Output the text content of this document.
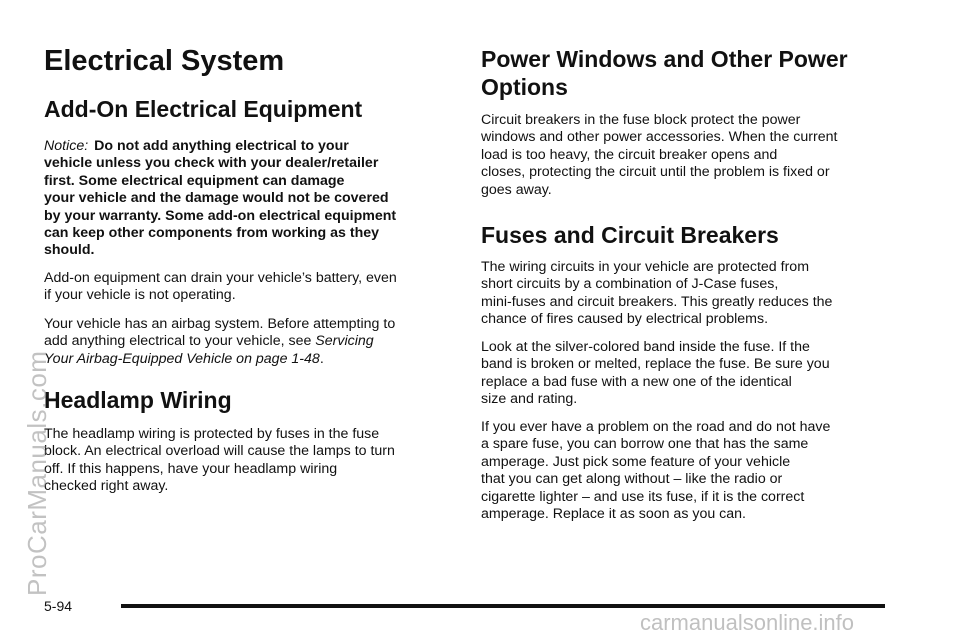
Electrical System
Add-On Electrical Equipment
Notice: Do not add anything electrical to your
vehicle unless you check with your dealer/retailer
first. Some electrical equipment can damage
your vehicle and the damage would not be covered
by your warranty. Some add-on electrical equipment
can keep other components from working as they
should.
Add-on equipment can drain your vehicle’s battery, even
if your vehicle is not operating.
Your vehicle has an airbag system. Before attempting to
add anything electrical to your vehicle, see Servicing
Your Airbag-Equipped Vehicle on page 1-48.
Headlamp Wiring
The headlamp wiring is protected by fuses in the fuse
block. An electrical overload will cause the lamps to turn
off. If this happens, have your headlamp wiring
checked right away.
Power Windows and Other Power
Options
Circuit breakers in the fuse block protect the power
windows and other power accessories. When the current
load is too heavy, the circuit breaker opens and
closes, protecting the circuit until the problem is fixed or
goes away.
Fuses and Circuit Breakers
The wiring circuits in your vehicle are protected from
short circuits by a combination of J-Case fuses,
mini-fuses and circuit breakers. This greatly reduces the
chance of fires caused by electrical problems.
Look at the silver-colored band inside the fuse. If the
band is broken or melted, replace the fuse. Be sure you
replace a bad fuse with a new one of the identical
size and rating.
If you ever have a problem on the road and do not have
a spare fuse, you can borrow one that has the same
amperage. Just pick some feature of your vehicle
that you can get along without – like the radio or
cigarette lighter – and use its fuse, if it is the correct
amperage. Replace it as soon as you can.
5-94
ProCarManuals.com
carmanualsonline.info
